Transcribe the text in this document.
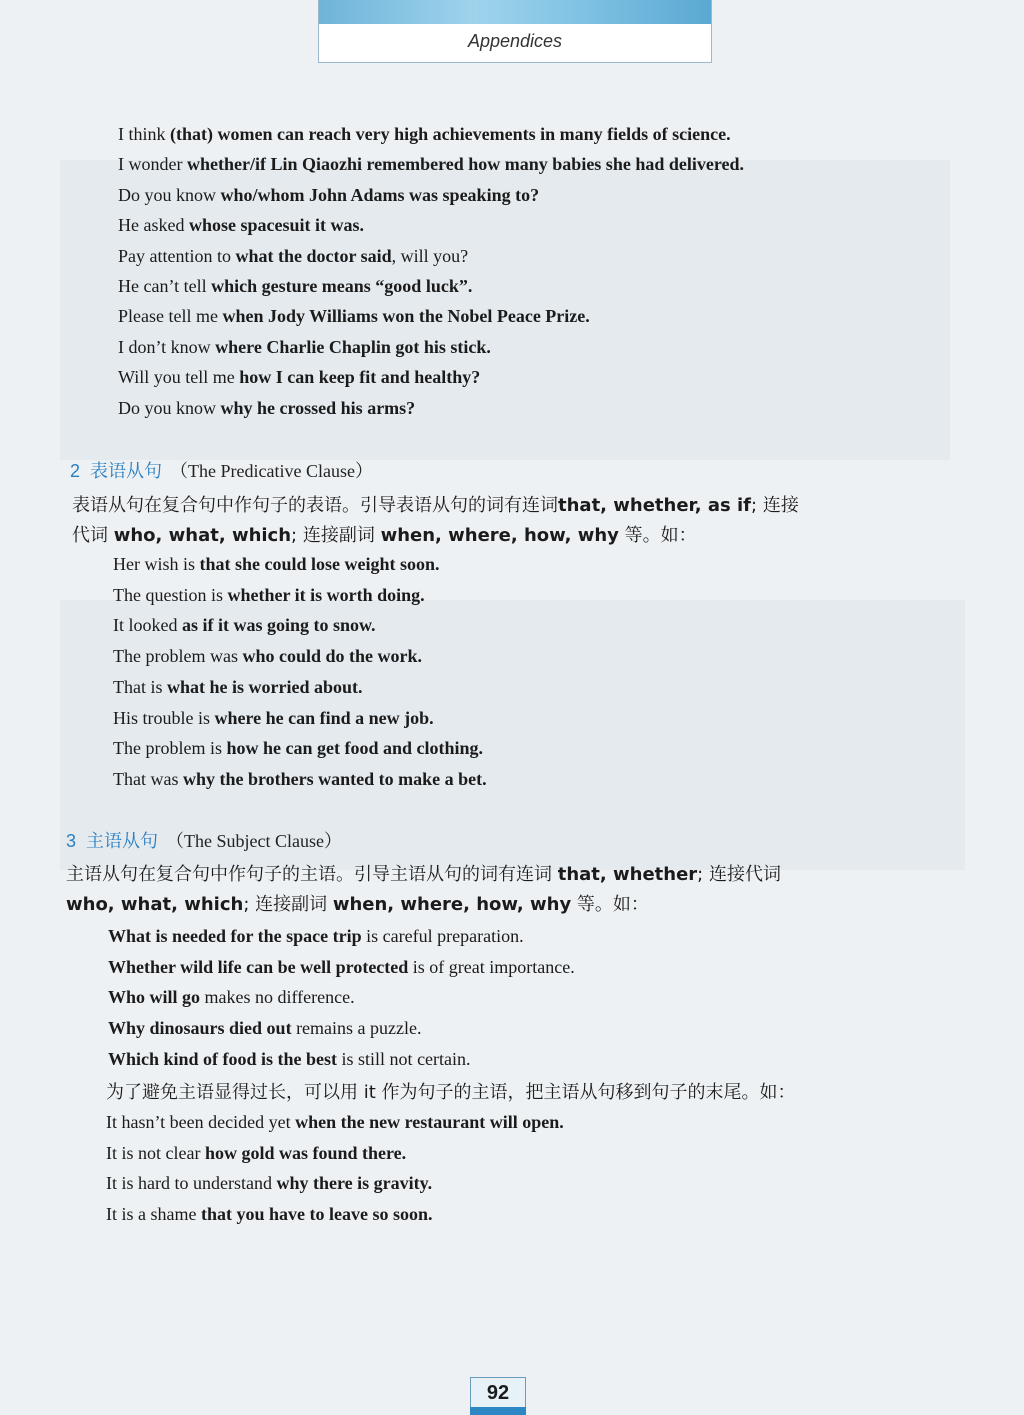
Appendices
I think (that) women can reach very high achievements in many fields of science.
I wonder whether/if Lin Qiaozhi remembered how many babies she had delivered.
Do you know who/whom John Adams was speaking to?
He asked whose spacesuit it was.
Pay attention to what the doctor said, will you?
He can’t tell which gesture means “good luck”.
Please tell me when Jody Williams won the Nobel Peace Prize.
I don’t know where Charlie Chaplin got his stick.
Will you tell me how I can keep fit and healthy?
Do you know why he crossed his arms?
2 表语从句 （The Predicative Clause）
表语从句在复合句中作句子的表语。引导表语从句的词有连词that, whether, as if; 连接
代词 who, what, which; 连接副词 when, where, how, why 等。如：
Her wish is that she could lose weight soon.
The question is whether it is worth doing.
It looked as if it was going to snow.
The problem was who could do the work.
That is what he is worried about.
His trouble is where he can find a new job.
The problem is how he can get food and clothing.
That was why the brothers wanted to make a bet.
3 主语从句 （The Subject Clause）
主语从句在复合句中作句子的主语。引导主语从句的词有连词 that, whether; 连接代词
who, what, which; 连接副词 when, where, how, why 等。如：
What is needed for the space trip is careful preparation.
Whether wild life can be well protected is of great importance.
Who will go makes no difference.
Why dinosaurs died out remains a puzzle.
Which kind of food is the best is still not certain.
为了避免主语显得过长，可以用 it 作为句子的主语，把主语从句移到句子的末尾。如：
It hasn’t been decided yet when the new restaurant will open.
It is not clear how gold was found there.
It is hard to understand why there is gravity.
It is a shame that you have to leave so soon.
92
